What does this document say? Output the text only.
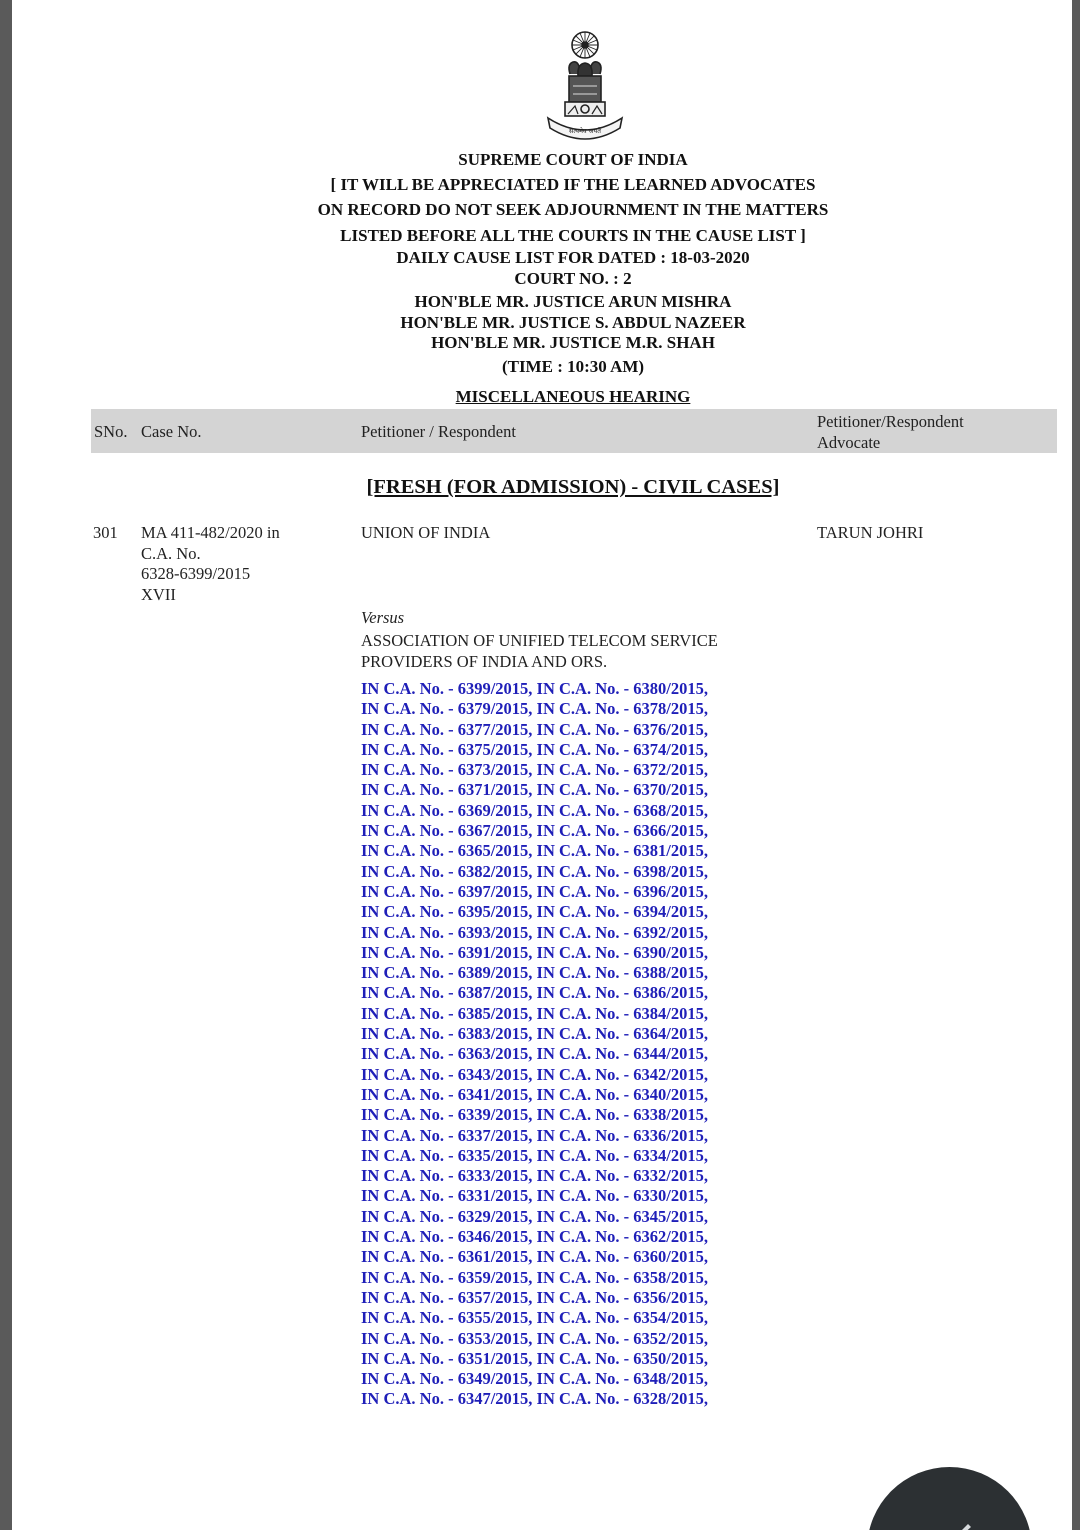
सत्यमेव जयते
SUPREME COURT OF INDIA
[ IT WILL BE APPRECIATED IF THE LEARNED ADVOCATES
ON RECORD DO NOT SEEK ADJOURNMENT IN THE MATTERS
LISTED BEFORE ALL THE COURTS IN THE CAUSE LIST ]
DAILY CAUSE LIST FOR DATED : 18-03-2020
COURT NO. : 2
HON'BLE MR. JUSTICE ARUN MISHRA
HON'BLE MR. JUSTICE S. ABDUL NAZEER
HON'BLE MR. JUSTICE M.R. SHAH
(TIME : 10:30 AM)
MISCELLANEOUS HEARING
SNo. Case No.	Petitioner / Respondent
Petitioner/Respondent
Advocate
[FRESH (FOR ADMISSION) - CIVIL CASES]
301 MA 411-482/2020 in
C.A. No.
6328-6399/2015
XVII
UNION OF INDIA	TARUN JOHRI
Versus
ASSOCIATION OF UNIFIED TELECOM SERVICE
PROVIDERS OF INDIA AND ORS.
IN C.A. No. - 6399/2015, IN C.A. No. - 6380/2015,
IN C.A. No. - 6379/2015, IN C.A. No. - 6378/2015,
IN C.A. No. - 6377/2015, IN C.A. No. - 6376/2015,
IN C.A. No. - 6375/2015, IN C.A. No. - 6374/2015,
IN C.A. No. - 6373/2015, IN C.A. No. - 6372/2015,
IN C.A. No. - 6371/2015, IN C.A. No. - 6370/2015,
IN C.A. No. - 6369/2015, IN C.A. No. - 6368/2015,
IN C.A. No. - 6367/2015, IN C.A. No. - 6366/2015,
IN C.A. No. - 6365/2015, IN C.A. No. - 6381/2015,
IN C.A. No. - 6382/2015, IN C.A. No. - 6398/2015,
IN C.A. No. - 6397/2015, IN C.A. No. - 6396/2015,
IN C.A. No. - 6395/2015, IN C.A. No. - 6394/2015,
IN C.A. No. - 6393/2015, IN C.A. No. - 6392/2015,
IN C.A. No. - 6391/2015, IN C.A. No. - 6390/2015,
IN C.A. No. - 6389/2015, IN C.A. No. - 6388/2015,
IN C.A. No. - 6387/2015, IN C.A. No. - 6386/2015,
IN C.A. No. - 6385/2015, IN C.A. No. - 6384/2015,
IN C.A. No. - 6383/2015, IN C.A. No. - 6364/2015,
IN C.A. No. - 6363/2015, IN C.A. No. - 6344/2015,
IN C.A. No. - 6343/2015, IN C.A. No. - 6342/2015,
IN C.A. No. - 6341/2015, IN C.A. No. - 6340/2015,
IN C.A. No. - 6339/2015, IN C.A. No. - 6338/2015,
IN C.A. No. - 6337/2015, IN C.A. No. - 6336/2015,
IN C.A. No. - 6335/2015, IN C.A. No. - 6334/2015,
IN C.A. No. - 6333/2015, IN C.A. No. - 6332/2015,
IN C.A. No. - 6331/2015, IN C.A. No. - 6330/2015,
IN C.A. No. - 6329/2015, IN C.A. No. - 6345/2015,
IN C.A. No. - 6346/2015, IN C.A. No. - 6362/2015,
IN C.A. No. - 6361/2015, IN C.A. No. - 6360/2015,
IN C.A. No. - 6359/2015, IN C.A. No. - 6358/2015,
IN C.A. No. - 6357/2015, IN C.A. No. - 6356/2015,
IN C.A. No. - 6355/2015, IN C.A. No. - 6354/2015,
IN C.A. No. - 6353/2015, IN C.A. No. - 6352/2015,
IN C.A. No. - 6351/2015, IN C.A. No. - 6350/2015,
IN C.A. No. - 6349/2015, IN C.A. No. - 6348/2015,
IN C.A. No. - 6347/2015, IN C.A. No. - 6328/2015,
